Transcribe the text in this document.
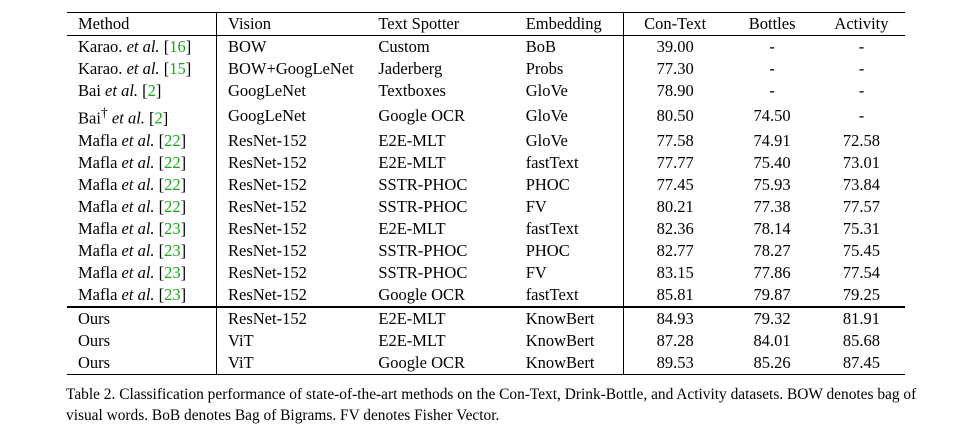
Method	Vision	Text Spotter	Embedding	Con-Text	Bottles	Activity
Karao. et al. [16]	BOW	Custom	BoB	39.00	-	-
Karao. et al. [15]	BOW+GoogLeNet	Jaderberg	Probs	77.30	-	-
Bai et al. [2]	GoogLeNet	Textboxes	GloVe	78.90	-	-
Bai† et al. [2]	GoogLeNet	Google OCR	GloVe	80.50	74.50	-
Mafla et al. [22]	ResNet-152	E2E-MLT	GloVe	77.58	74.91	72.58
Mafla et al. [22]	ResNet-152	E2E-MLT	fastText	77.77	75.40	73.01
Mafla et al. [22]	ResNet-152	SSTR-PHOC	PHOC	77.45	75.93	73.84
Mafla et al. [22]	ResNet-152	SSTR-PHOC	FV	80.21	77.38	77.57
Mafla et al. [23]	ResNet-152	E2E-MLT	fastText	82.36	78.14	75.31
Mafla et al. [23]	ResNet-152	SSTR-PHOC	PHOC	82.77	78.27	75.45
Mafla et al. [23]	ResNet-152	SSTR-PHOC	FV	83.15	77.86	77.54
Mafla et al. [23]	ResNet-152	Google OCR	fastText	85.81	79.87	79.25
Ours	ResNet-152	E2E-MLT	KnowBert	84.93	79.32	81.91
Ours	ViT	E2E-MLT	KnowBert	87.28	84.01	85.68
Ours	ViT	Google OCR	KnowBert	89.53	85.26	87.45

Table 2. Classification performance of state-of-the-art methods on the Con-Text, Drink-Bottle, and Activity datasets. BOW denotes bag of visual words. BoB denotes Bag of Bigrams. FV denotes Fisher Vector.
